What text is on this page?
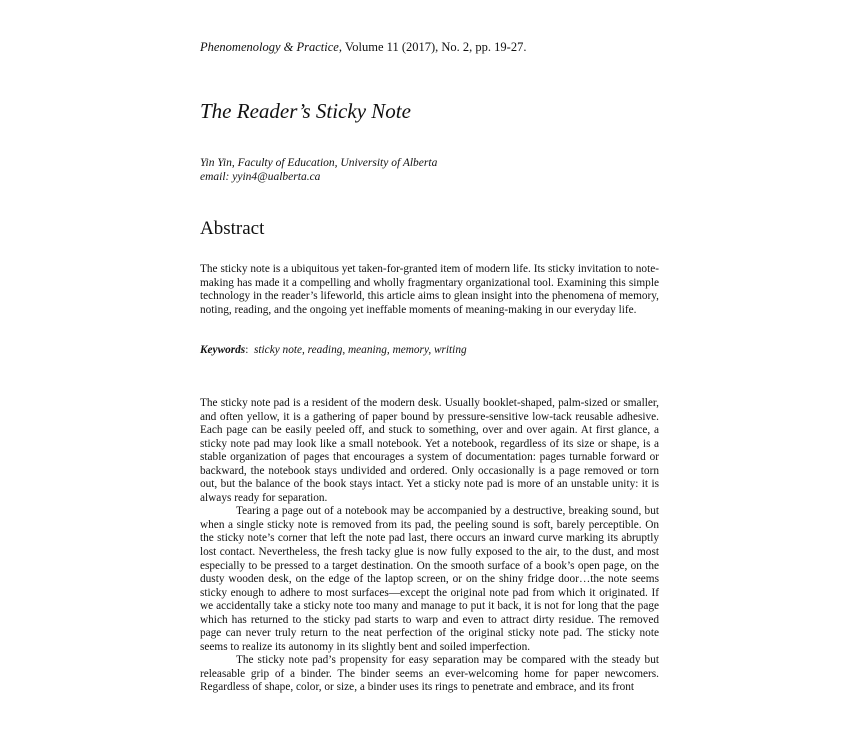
Phenomenology & Practice, Volume 11 (2017), No. 2, pp. 19-27.
The Reader’s Sticky Note
Yin Yin, Faculty of Education, University of Alberta
email: yyin4@ualberta.ca
Abstract
The sticky note is a ubiquitous yet taken-for-granted item of modern life. Its sticky invitation to note-making has made it a compelling and wholly fragmentary organizational tool. Examining this simple technology in the reader’s lifeworld, this article aims to glean insight into the phenomena of memory, noting, reading, and the ongoing yet ineffable moments of meaning-making in our everyday life.
Keywords:  sticky note, reading, meaning, memory, writing

The sticky note pad is a resident of the modern desk. Usually booklet-shaped, palm-sized or smaller, and often yellow, it is a gathering of paper bound by pressure-sensitive low-tack reusable adhesive. Each page can be easily peeled off, and stuck to something, over and over again. At first glance, a sticky note pad may look like a small notebook. Yet a notebook, regardless of its size or shape, is a stable organization of pages that encourages a system of documentation: pages turnable forward or backward, the notebook stays undivided and ordered. Only occasionally is a page removed or torn out, but the balance of the book stays intact. Yet a sticky note pad is more of an unstable unity: it is always ready for separation.

Tearing a page out of a notebook may be accompanied by a destructive, breaking sound, but when a single sticky note is removed from its pad, the peeling sound is soft, barely perceptible. On the sticky note’s corner that left the note pad last, there occurs an inward curve marking its abruptly lost contact. Nevertheless, the fresh tacky glue is now fully exposed to the air, to the dust, and most especially to be pressed to a target destination. On the smooth surface of a book’s open page, on the dusty wooden desk, on the edge of the laptop screen, or on the shiny fridge door…the note seems sticky enough to adhere to most surfaces—except the original note pad from which it originated. If we accidentally take a sticky note too many and manage to put it back, it is not for long that the page which has returned to the sticky pad starts to warp and even to attract dirty residue. The removed page can never truly return to the neat perfection of the original sticky note pad. The sticky note seems to realize its autonomy in its slightly bent and soiled imperfection.

The sticky note pad’s propensity for easy separation may be compared with the steady but releasable grip of a binder. The binder seems an ever-welcoming home for paper newcomers. Regardless of shape, color, or size, a binder uses its rings to penetrate and embrace, and its front
